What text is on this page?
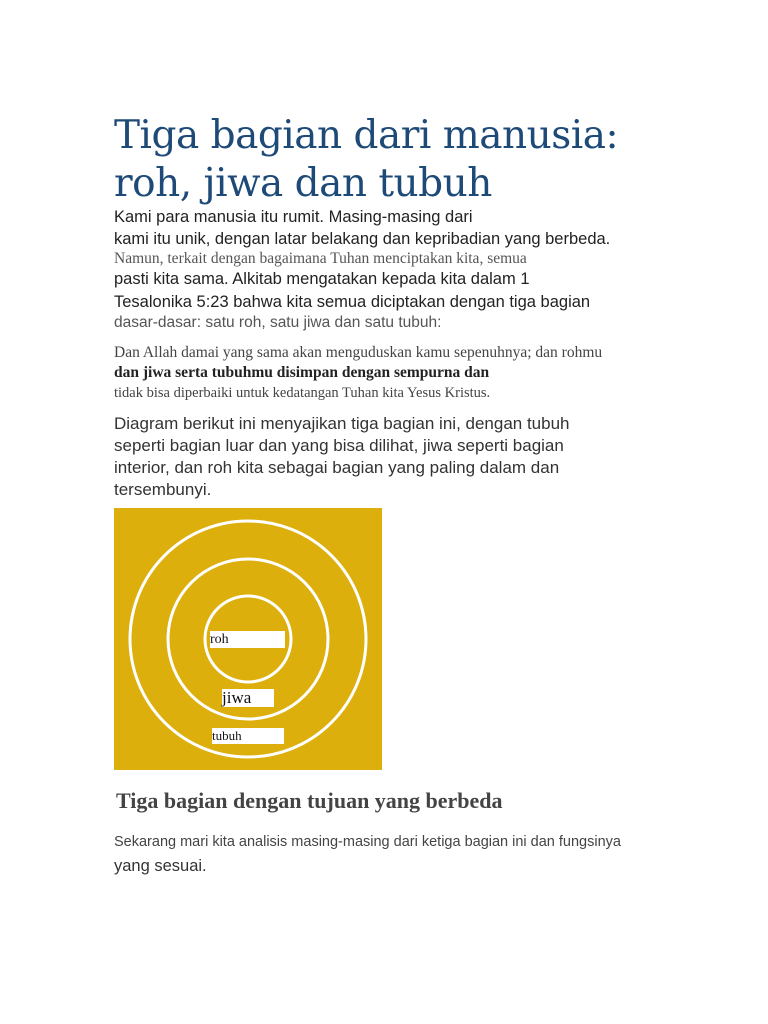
Tiga bagian dari manusia:
roh, jiwa dan tubuh
Kami para manusia itu rumit. Masing-masing dari
kami itu unik, dengan latar belakang dan kepribadian yang berbeda.
Namun, terkait dengan bagaimana Tuhan menciptakan kita, semua
pasti kita sama. Alkitab mengatakan kepada kita dalam 1
Tesalonika 5:23 bahwa kita semua diciptakan dengan tiga bagian
dasar-dasar: satu roh, satu jiwa dan satu tubuh:
Dan Allah damai yang sama akan menguduskan kamu sepenuhnya; dan rohmu
dan jiwa serta tubuhmu disimpan dengan sempurna dan
tidak bisa diperbaiki untuk kedatangan Tuhan kita Yesus Kristus.
Diagram berikut ini menyajikan tiga bagian ini, dengan tubuh
seperti bagian luar dan yang bisa dilihat, jiwa seperti bagian
interior, dan roh kita sebagai bagian yang paling dalam dan
tersembunyi.
roh
jiwa
tubuh
Tiga bagian dengan tujuan yang berbeda
Sekarang mari kita analisis masing-masing dari ketiga bagian ini dan fungsinya
yang sesuai.
